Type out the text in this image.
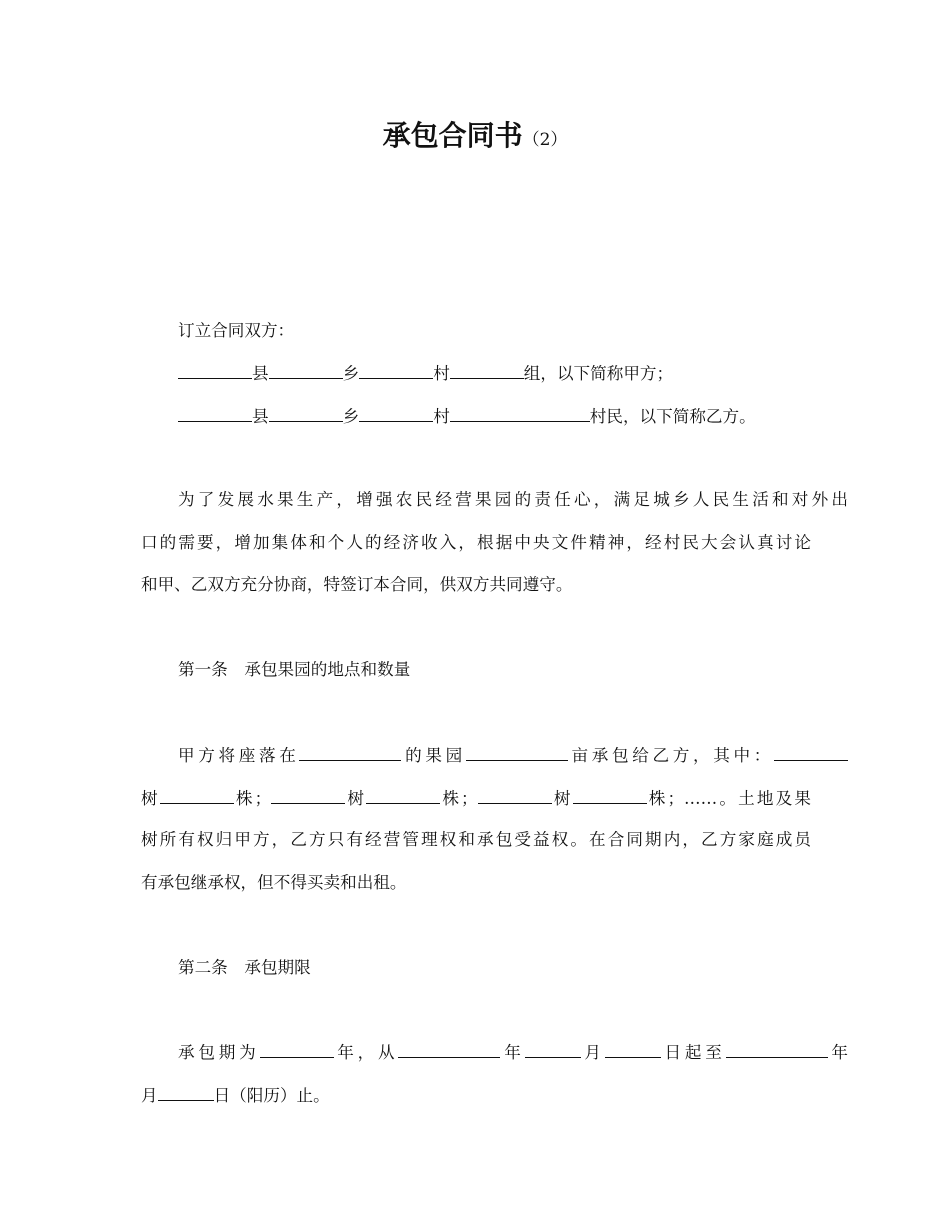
承包合同书（2）
订立合同双方：
县	乡	村	组，以下简称甲方；
县	乡	村	村民，以下简称乙方。
为了发展水果生产，增强农民经营果园的责任心，满足城乡人民生活和对外出
口的需要，增加集体和个人的经济收入，根据中央文件精神，经村民大会认真讨论
和甲、乙双方充分协商，特签订本合同，供双方共同遵守。
第一条　承包果园的地点和数量
甲方将座落在	的果园	亩承包给乙方，其中：
树	株；	树	株；	树	株；……。土地及果
树所有权归甲方，乙方只有经营管理权和承包受益权。在合同期内，乙方家庭成员
有承包继承权，但不得买卖和出租。
第二条　承包期限
承包期为	年，从	年	月	日起至	年
月	日（阳历）止。
